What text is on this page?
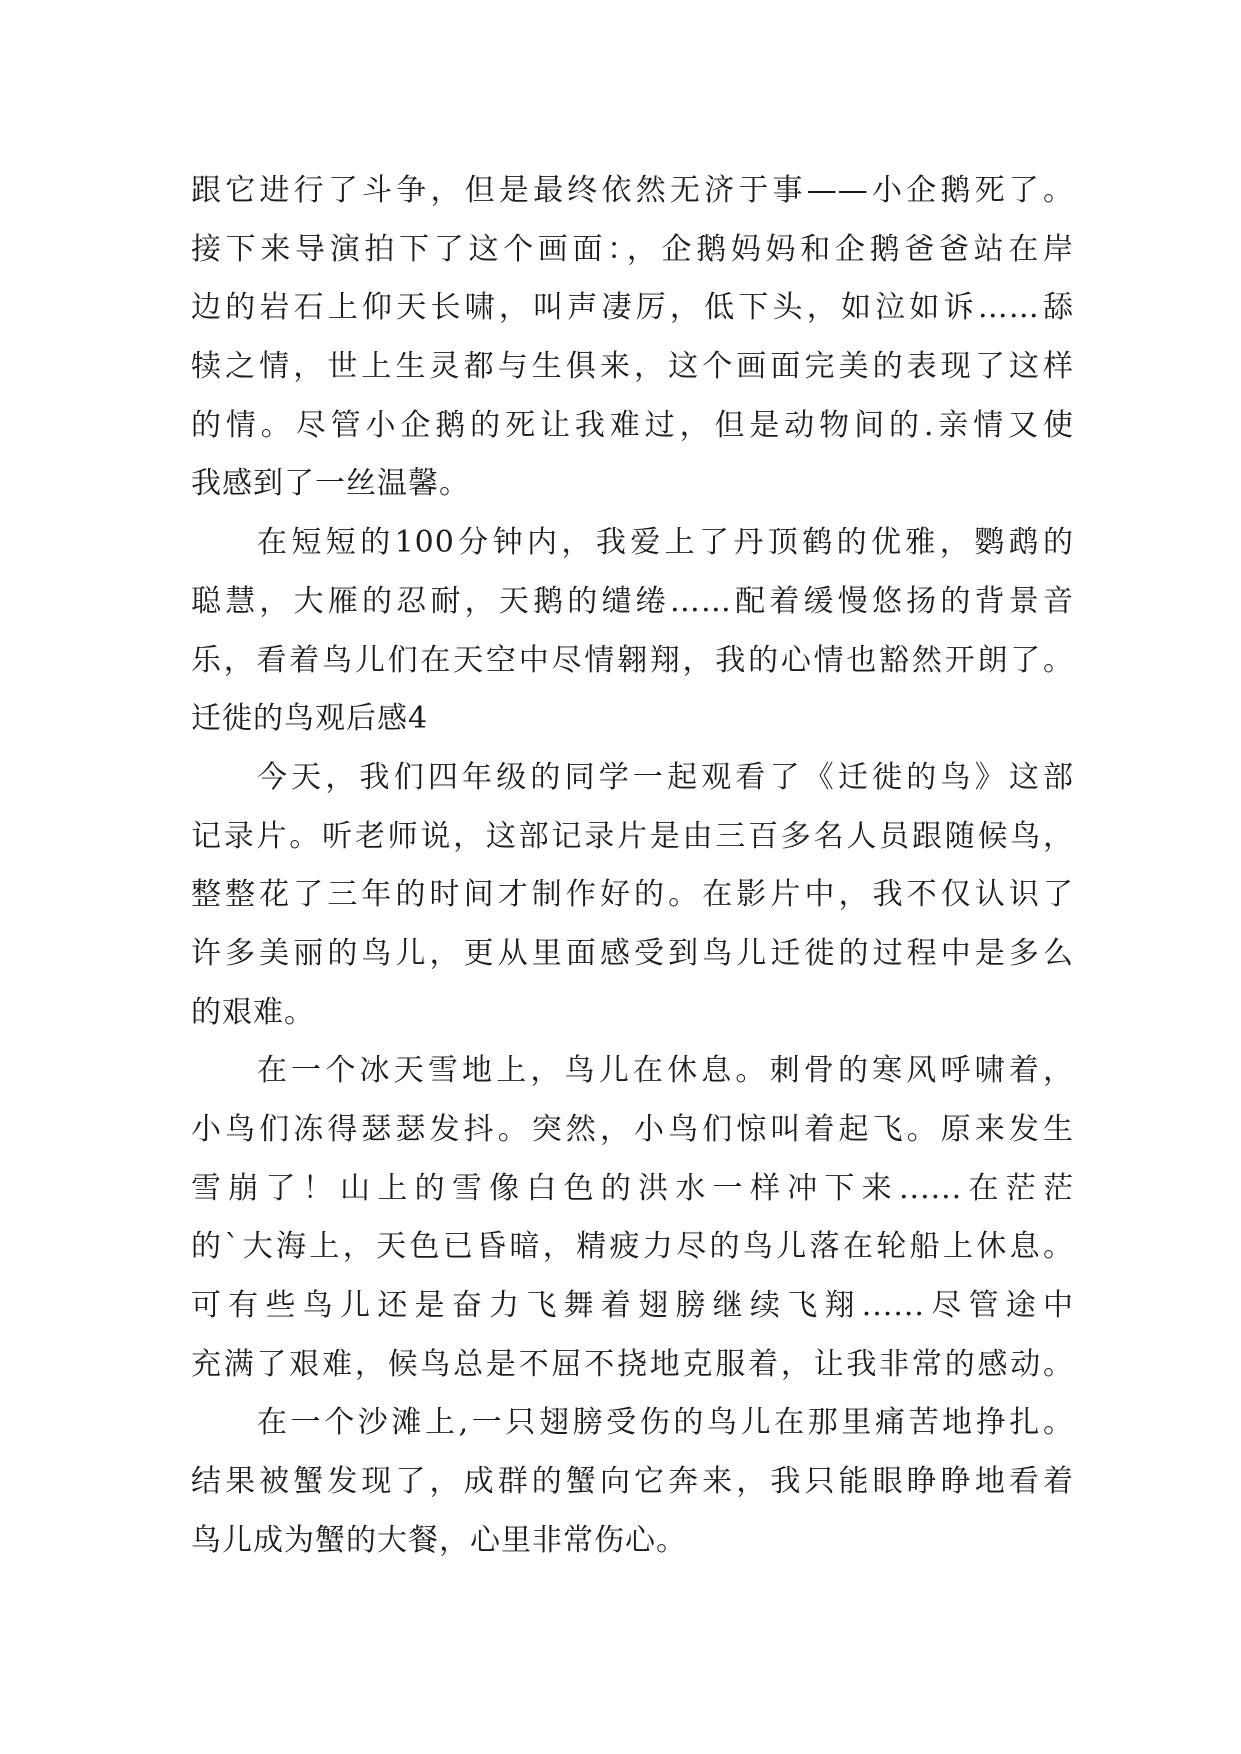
跟它进行了斗争，但是最终依然无济于事——小企鹅死了。
接下来导演拍下了这个画面：，企鹅妈妈和企鹅爸爸站在岸
边的岩石上仰天长啸，叫声凄厉，低下头，如泣如诉……舔
犊之情，世上生灵都与生俱来，这个画面完美的表现了这样
的情。尽管小企鹅的死让我难过，但是动物间的.亲情又使
我感到了一丝温馨。
在短短的100分钟内，我爱上了丹顶鹤的优雅，鹦鹉的
聪慧，大雁的忍耐，天鹅的缱绻……配着缓慢悠扬的背景音
乐，看着鸟儿们在天空中尽情翱翔，我的心情也豁然开朗了。
迁徙的鸟观后感4
今天，我们四年级的同学一起观看了《迁徙的鸟》这部
记录片。听老师说，这部记录片是由三百多名人员跟随候鸟，
整整花了三年的时间才制作好的。在影片中，我不仅认识了
许多美丽的鸟儿，更从里面感受到鸟儿迁徙的过程中是多么
的艰难。
在一个冰天雪地上，鸟儿在休息。刺骨的寒风呼啸着，
小鸟们冻得瑟瑟发抖。突然，小鸟们惊叫着起飞。原来发生
雪崩了！山上的雪像白色的洪水一样冲下来......在茫茫
的`大海上，天色已昏暗，精疲力尽的鸟儿落在轮船上休息。
可有些鸟儿还是奋力飞舞着翅膀继续飞翔......尽管途中
充满了艰难，候鸟总是不屈不挠地克服着，让我非常的感动。
在一个沙滩上,一只翅膀受伤的鸟儿在那里痛苦地挣扎。
结果被蟹发现了，成群的蟹向它奔来，我只能眼睁睁地看着
鸟儿成为蟹的大餐，心里非常伤心。
